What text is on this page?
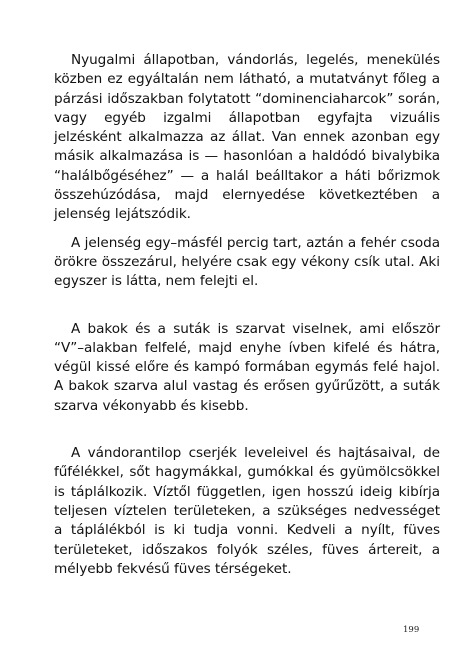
Nyugalmi állapotban, vándorlás, legelés, menekülés közben ez egyáltalán nem látható, a mutatványt főleg a párzási időszakban folytatott “dominenciaharcok” során, vagy egyéb izgalmi állapotban egyfajta vizuális jelzésként alkalmazza az állat. Van ennek azonban egy másik alkalmazása is — hasonlóan a haldódó bivalybika “halálbőgéséhez” — a halál beálltakor a háti bőrizmok összehúzódása, majd elernyedése következtében a jelenség lejátszódik.

A jelenség egy–másfél percig tart, aztán a fehér csoda örökre összezárul, helyére csak egy vékony csík utal. Aki egyszer is látta, nem felejti el.

A bakok és a suták is szarvat viselnek, ami először “V”–alakban felfelé, majd enyhe ívben kifelé és hátra, végül kissé előre és kampó formában egymás felé hajol. A bakok szarva alul vastag és erősen gyűrűzött, a suták szarva vékonyabb és kisebb.

A vándorantilop cserjék leveleivel és hajtásaival, de fűfélékkel, sőt hagymákkal, gumókkal és gyümölcsökkel is táplálkozik. Víztől független, igen hosszú ideig kibírja teljesen víztelen területeken, a szükséges nedvességet a táplálékból is ki tudja vonni. Kedveli a nyílt, füves területeket, időszakos folyók széles, füves ártereit, a mélyebb fekvésű füves térségeket.

199
